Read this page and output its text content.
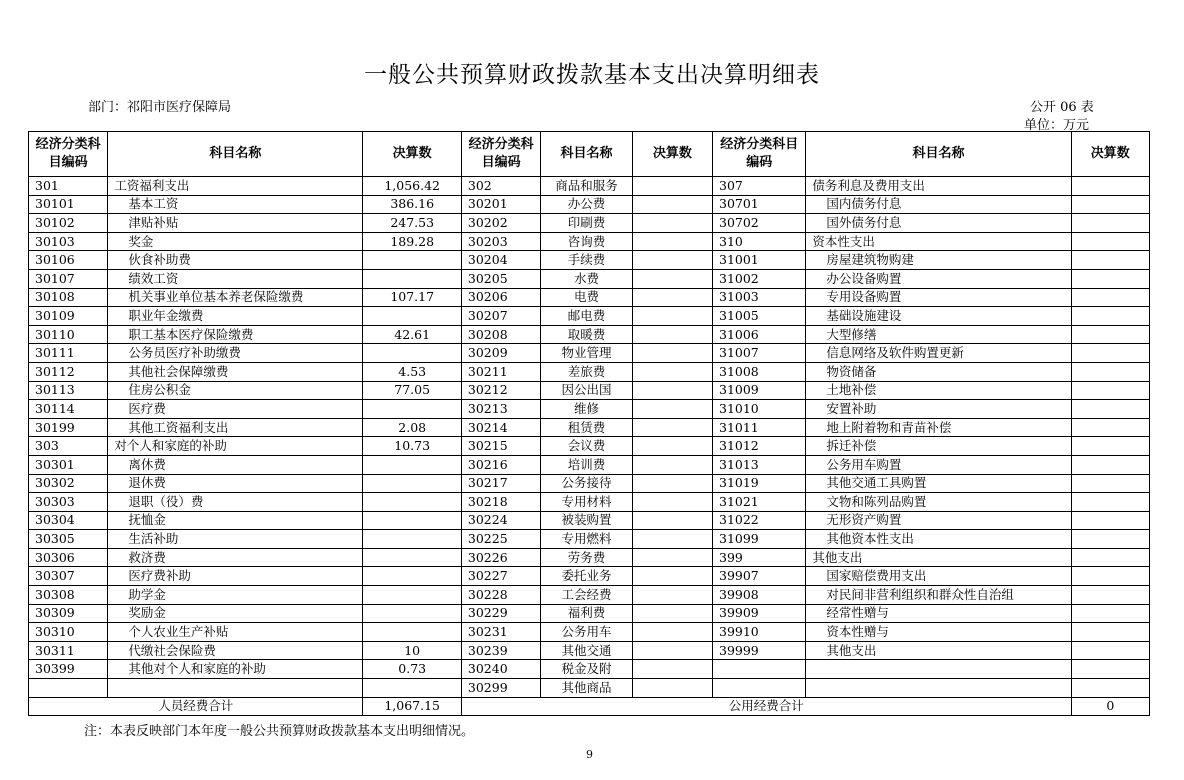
一般公共预算财政拨款基本支出决算明细表
部门：祁阳市医疗保障局	公开 06 表
单位：万元
经济分类科目编码	科目名称	决算数	经济分类科目编码	科目名称	决算数	经济分类科目编码	科目名称	决算数
301	工资福利支出	1,056.42	302	商品和服务		307	债务利息及费用支出	
30101	基本工资	386.16	30201	办公费		30701	国内债务付息	
30102	津贴补贴	247.53	30202	印刷费		30702	国外债务付息	
30103	奖金	189.28	30203	咨询费		310	资本性支出	
30106	伙食补助费		30204	手续费		31001	房屋建筑物购建	
30107	绩效工资		30205	水费		31002	办公设备购置	
30108	机关事业单位基本养老保险缴费	107.17	30206	电费		31003	专用设备购置	
30109	职业年金缴费		30207	邮电费		31005	基础设施建设	
30110	职工基本医疗保险缴费	42.61	30208	取暖费		31006	大型修缮	
30111	公务员医疗补助缴费		30209	物业管理		31007	信息网络及软件购置更新	
30112	其他社会保障缴费	4.53	30211	差旅费		31008	物资储备	
30113	住房公积金	77.05	30212	因公出国		31009	土地补偿	
30114	医疗费		30213	维修		31010	安置补助	
30199	其他工资福利支出	2.08	30214	租赁费		31011	地上附着物和青苗补偿	
303	对个人和家庭的补助	10.73	30215	会议费		31012	拆迁补偿	
30301	离休费		30216	培训费		31013	公务用车购置	
30302	退休费		30217	公务接待		31019	其他交通工具购置	
30303	退职（役）费		30218	专用材料		31021	文物和陈列品购置	
30304	抚恤金		30224	被装购置		31022	无形资产购置	
30305	生活补助		30225	专用燃料		31099	其他资本性支出	
30306	救济费		30226	劳务费		399	其他支出	
30307	医疗费补助		30227	委托业务		39907	国家赔偿费用支出	
30308	助学金		30228	工会经费		39908	对民间非营利组织和群众性自治组	
30309	奖励金		30229	福利费		39909	经常性赠与	
30310	个人农业生产补贴		30231	公务用车		39910	资本性赠与	
30311	代缴社会保险费	10	30239	其他交通		39999	其他支出	
30399	其他对个人和家庭的补助	0.73	30240	税金及附				
			30299	其他商品				
人员经费合计		1,067.15	公用经费合计					0
注：本表反映部门本年度一般公共预算财政拨款基本支出明细情况。
9
